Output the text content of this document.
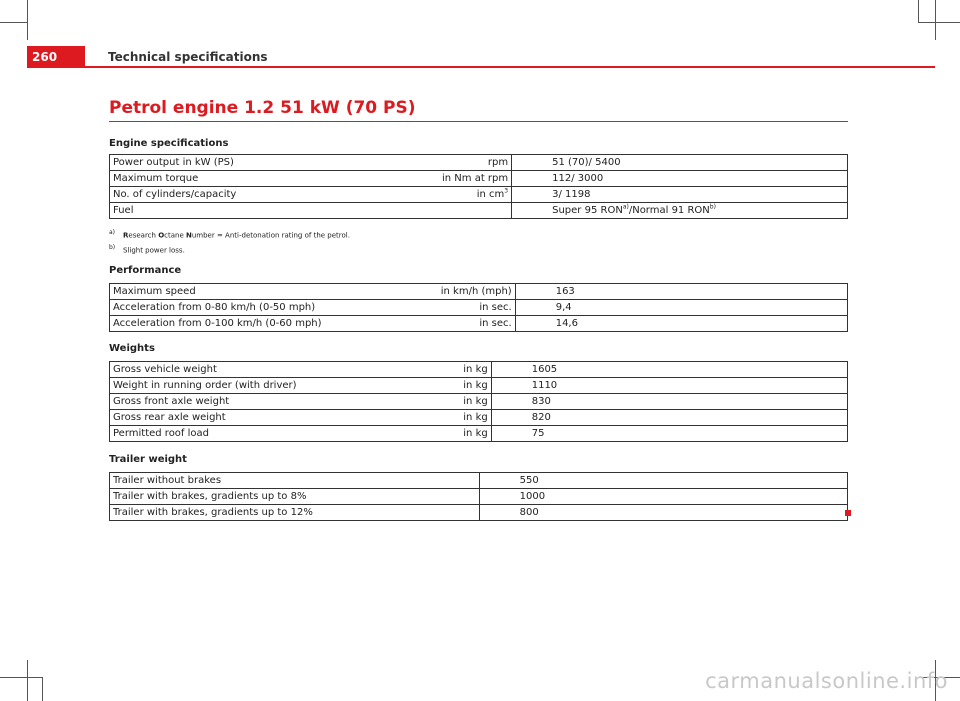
260	Technical specifications
Petrol engine 1.2 51 kW (70 PS)
Engine specifications
Power output in kW (PS)	rpm	51 (70)/ 5400
Maximum torque	in Nm at rpm	112/ 3000
No. of cylinders/capacity	in $cm^3$	3/ 1198
Fuel		Super 95 RON$^{a)}$/Normal 91 RON$^{b)}$
a) Research Octane Number = Anti-detonation rating of the petrol.
b) Slight power loss.
Performance
Maximum speed	in km/h (mph)	163
Acceleration from 0-80 km/h (0-50 mph)	in sec.	9,4
Acceleration from 0-100 km/h (0-60 mph)	in sec.	14,6
Weights
Gross vehicle weight	in kg	1605
Weight in running order (with driver)	in kg	1110
Gross front axle weight	in kg	830
Gross rear axle weight	in kg	820
Permitted roof load	in kg	75
Trailer weight
Trailer without brakes		550
Trailer with brakes, gradients up to 8%		1000
Trailer with brakes, gradients up to 12%		800
carmanualsonline.info
